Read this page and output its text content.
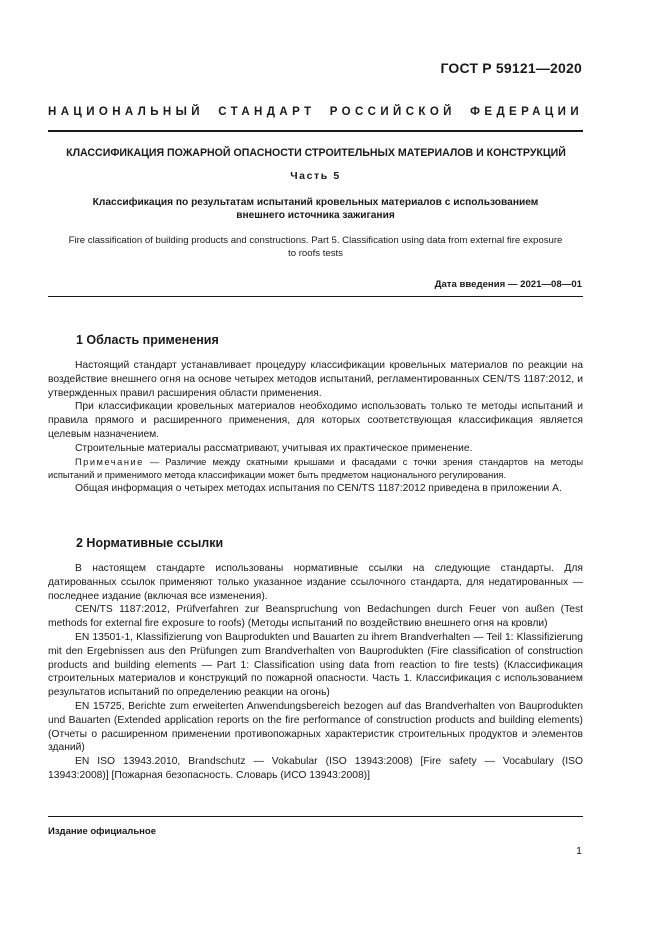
ГОСТ Р 59121—2020
НАЦИОНАЛЬНЫЙ СТАНДАРТ РОССИЙСКОЙ ФЕДЕРАЦИИ
КЛАССИФИКАЦИЯ ПОЖАРНОЙ ОПАСНОСТИ СТРОИТЕЛЬНЫХ МАТЕРИАЛОВ И КОНСТРУКЦИЙ
Часть 5
Классификация по результатам испытаний кровельных материалов с использованием
внешнего источника зажигания
Fire classification of building products and constructions. Part 5. Classification using data from external fire exposure
to roofs tests
Дата введения — 2021—08—01
1 Область применения

Настоящий стандарт устанавливает процедуру классификации кровельных материалов по реакции на воздействие внешнего огня на основе четырех методов испытаний, регламентированных CEN/TS 1187:2012, и утвержденных правил расширения области применения.

При классификации кровельных материалов необходимо использовать только те методы испытаний и правила прямого и расширенного применения, для которых соответствующая классификация является целевым назначением.

Строительные материалы рассматривают, учитывая их практическое применение.

Примечание — Различие между скатными крышами и фасадами с точки зрения стандартов на методы испытаний и применимого метода классификации может быть предметом национального регулирования.

Общая информация о четырех методах испытания по CEN/TS 1187:2012 приведена в приложении А.

2 Нормативные ссылки

В настоящем стандарте использованы нормативные ссылки на следующие стандарты. Для датированных ссылок применяют только указанное издание ссылочного стандарта, для недатированных — последнее издание (включая все изменения).

CEN/TS 1187:2012, Prüfverfahren zur Beanspruchung von Bedachungen durch Feuer von außen (Test methods for external fire exposure to roofs) (Методы испытаний по воздействию внешнего огня на кровли)

EN 13501-1, Klassifizierung von Bauprodukten und Bauarten zu ihrem Brandverhalten — Teil 1: Klassifizierung mit den Ergebnissen aus den Prüfungen zum Brandverhalten von Bauprodukten (Fire classification of construction products and building elements — Part 1: Classification using data from reaction to fire tests) (Классификация строительных материалов и конструкций по пожарной опасности. Часть 1. Классификация с использованием результатов испытаний по определению реакции на огонь)

EN 15725, Berichte zum erweiterten Anwendungsbereich bezogen auf das Brandverhalten von Bauprodukten und Bauarten (Extended application reports on the fire performance of construction products and building elements) (Отчеты о расширенном применении противопожарных характеристик строительных продуктов и элементов зданий)

EN ISO 13943.2010, Brandschutz — Vokabular (ISO 13943:2008) [Fire safety — Vocabulary (ISO 13943:2008)] [Пожарная безопасность. Словарь (ИСО 13943:2008)]

Издание официальное
1
